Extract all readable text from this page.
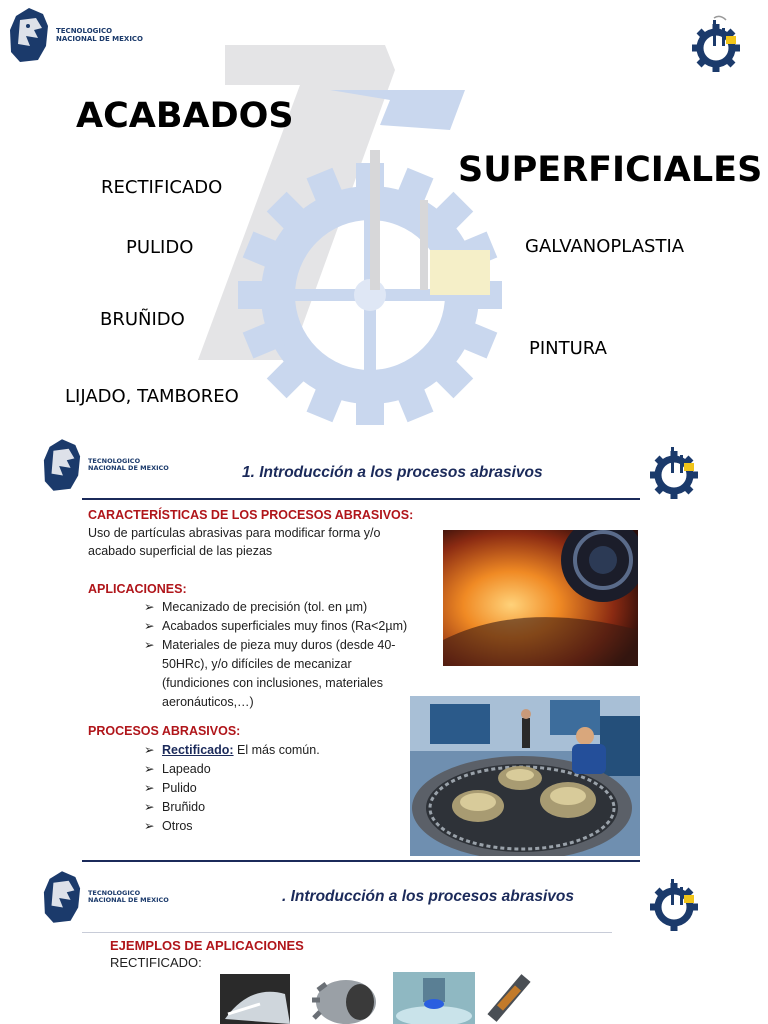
TECNOLOGICO
NACIONAL DE MEXICO
ACABADOS
SUPERFICIALES
RECTIFICADO
PULIDO
BRUÑIDO
LIJADO, TAMBOREO
GALVANOPLASTIA
PINTURA
TECNOLOGICO
NACIONAL DE MEXICO	1. Introducción a los procesos abrasivos
CARACTERÍSTICAS DE LOS PROCESOS ABRASIVOS:
Uso de partículas abrasivas para modificar forma y/o
acabado superficial de las piezas
APLICACIONES:
➢ Mecanizado de precisión (tol. en µm)
➢ Acabados superficiales muy finos (Ra<2µm)
➢ Materiales de pieza muy duros (desde 40-
50HRc), y/o difíciles de mecanizar
(fundiciones con inclusiones, materiales
aeronáuticos,…)
PROCESOS ABRASIVOS:
➢ Rectificado: El más común.
➢ Lapeado
➢ Pulido
➢ Bruñido
➢ Otros
TECNOLOGICO
NACIONAL DE MEXICO	. Introducción a los procesos abrasivos
EJEMPLOS DE APLICACIONES
RECTIFICADO:
